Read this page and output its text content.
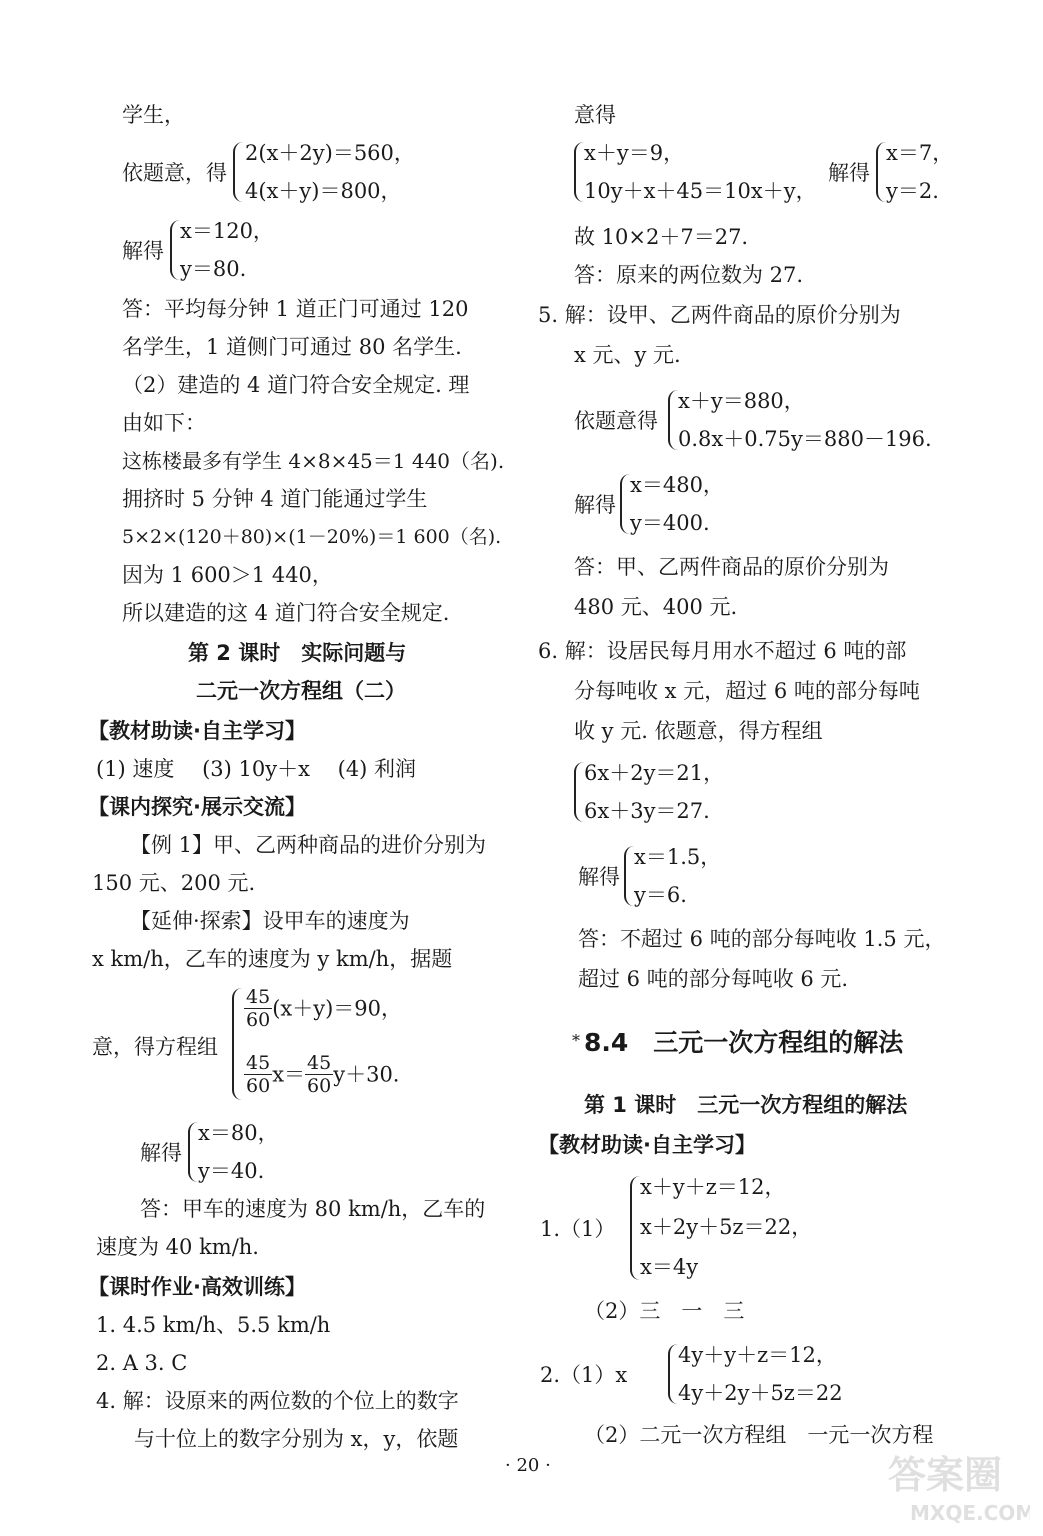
学生，
依题意，得
2(x＋2y)＝560，
4(x＋y)＝800，
解得
x＝120，
y＝80.
答：平均每分钟 1 道正门可通过 120
名学生，1 道侧门可通过 80 名学生.
（2）建造的 4 道门符合安全规定. 理
由如下：
这栋楼最多有学生 4×8×45＝1 440（名).
拥挤时 5 分钟 4 道门能通过学生
5×2×(120＋80)×(1－20%)＝1 600（名).
因为 1 600＞1 440，
所以建造的这 4 道门符合安全规定.
第 2 课时　实际问题与
二元一次方程组（二）
【教材助读·自主学习】
(1) 速度　 (3) 10y＋x　 (4) 利润
【课内探究·展示交流】
【例 1】甲、乙两种商品的进价分别为
150 元、200 元.
【延伸·探索】设甲车的速度为
x km/h，乙车的速度为 y km/h，据题
意，得方程组
$\frac{45}{60} (x+y)=90$，
$\frac{45}{60} x= \frac{45}{60} y+30$.
解得
x＝80，
y＝40.
答：甲车的速度为 80 km/h，乙车的
速度为 40 km/h.
【课时作业·高效训练】
1. 4.5 km/h、5.5 km/h
2. A 3. C
4. 解：设原来的两位数的个位上的数字
与十位上的数字分别为 x，y，依题
意得
x＋y＝9，
10y＋x＋45＝10x＋y，
解得
x＝7，
y＝2.
故 10×2＋7＝27.
答：原来的两位数为 27.
5. 解：设甲、乙两件商品的原价分别为
x 元、y 元.
依题意得
x＋y＝880，
0.8x＋0.75y＝880－196.
解得
x＝480，
y＝400.
答：甲、乙两件商品的原价分别为
480 元、400 元.
6. 解：设居民每月用水不超过 6 吨的部
分每吨收 x 元，超过 6 吨的部分每吨
收 y 元. 依题意，得方程组
6x＋2y＝21，
6x＋3y＝27.
解得
x＝1.5，
y＝6.
答：不超过 6 吨的部分每吨收 1.5 元，
超过 6 吨的部分每吨收 6 元.
* 8.4　三元一次方程组的解法
第 1 课时　三元一次方程组的解法
【教材助读·自主学习】
1.（1）
x＋y＋z＝12，
x＋2y＋5z＝22，
x＝4y
（2）三　一　三
2.（1）x
4y＋y＋z＝12，
4y＋2y＋5z＝22
（2）二元一次方程组　一元一次方程
· 20 ·	答案圈
MXQE.COM
